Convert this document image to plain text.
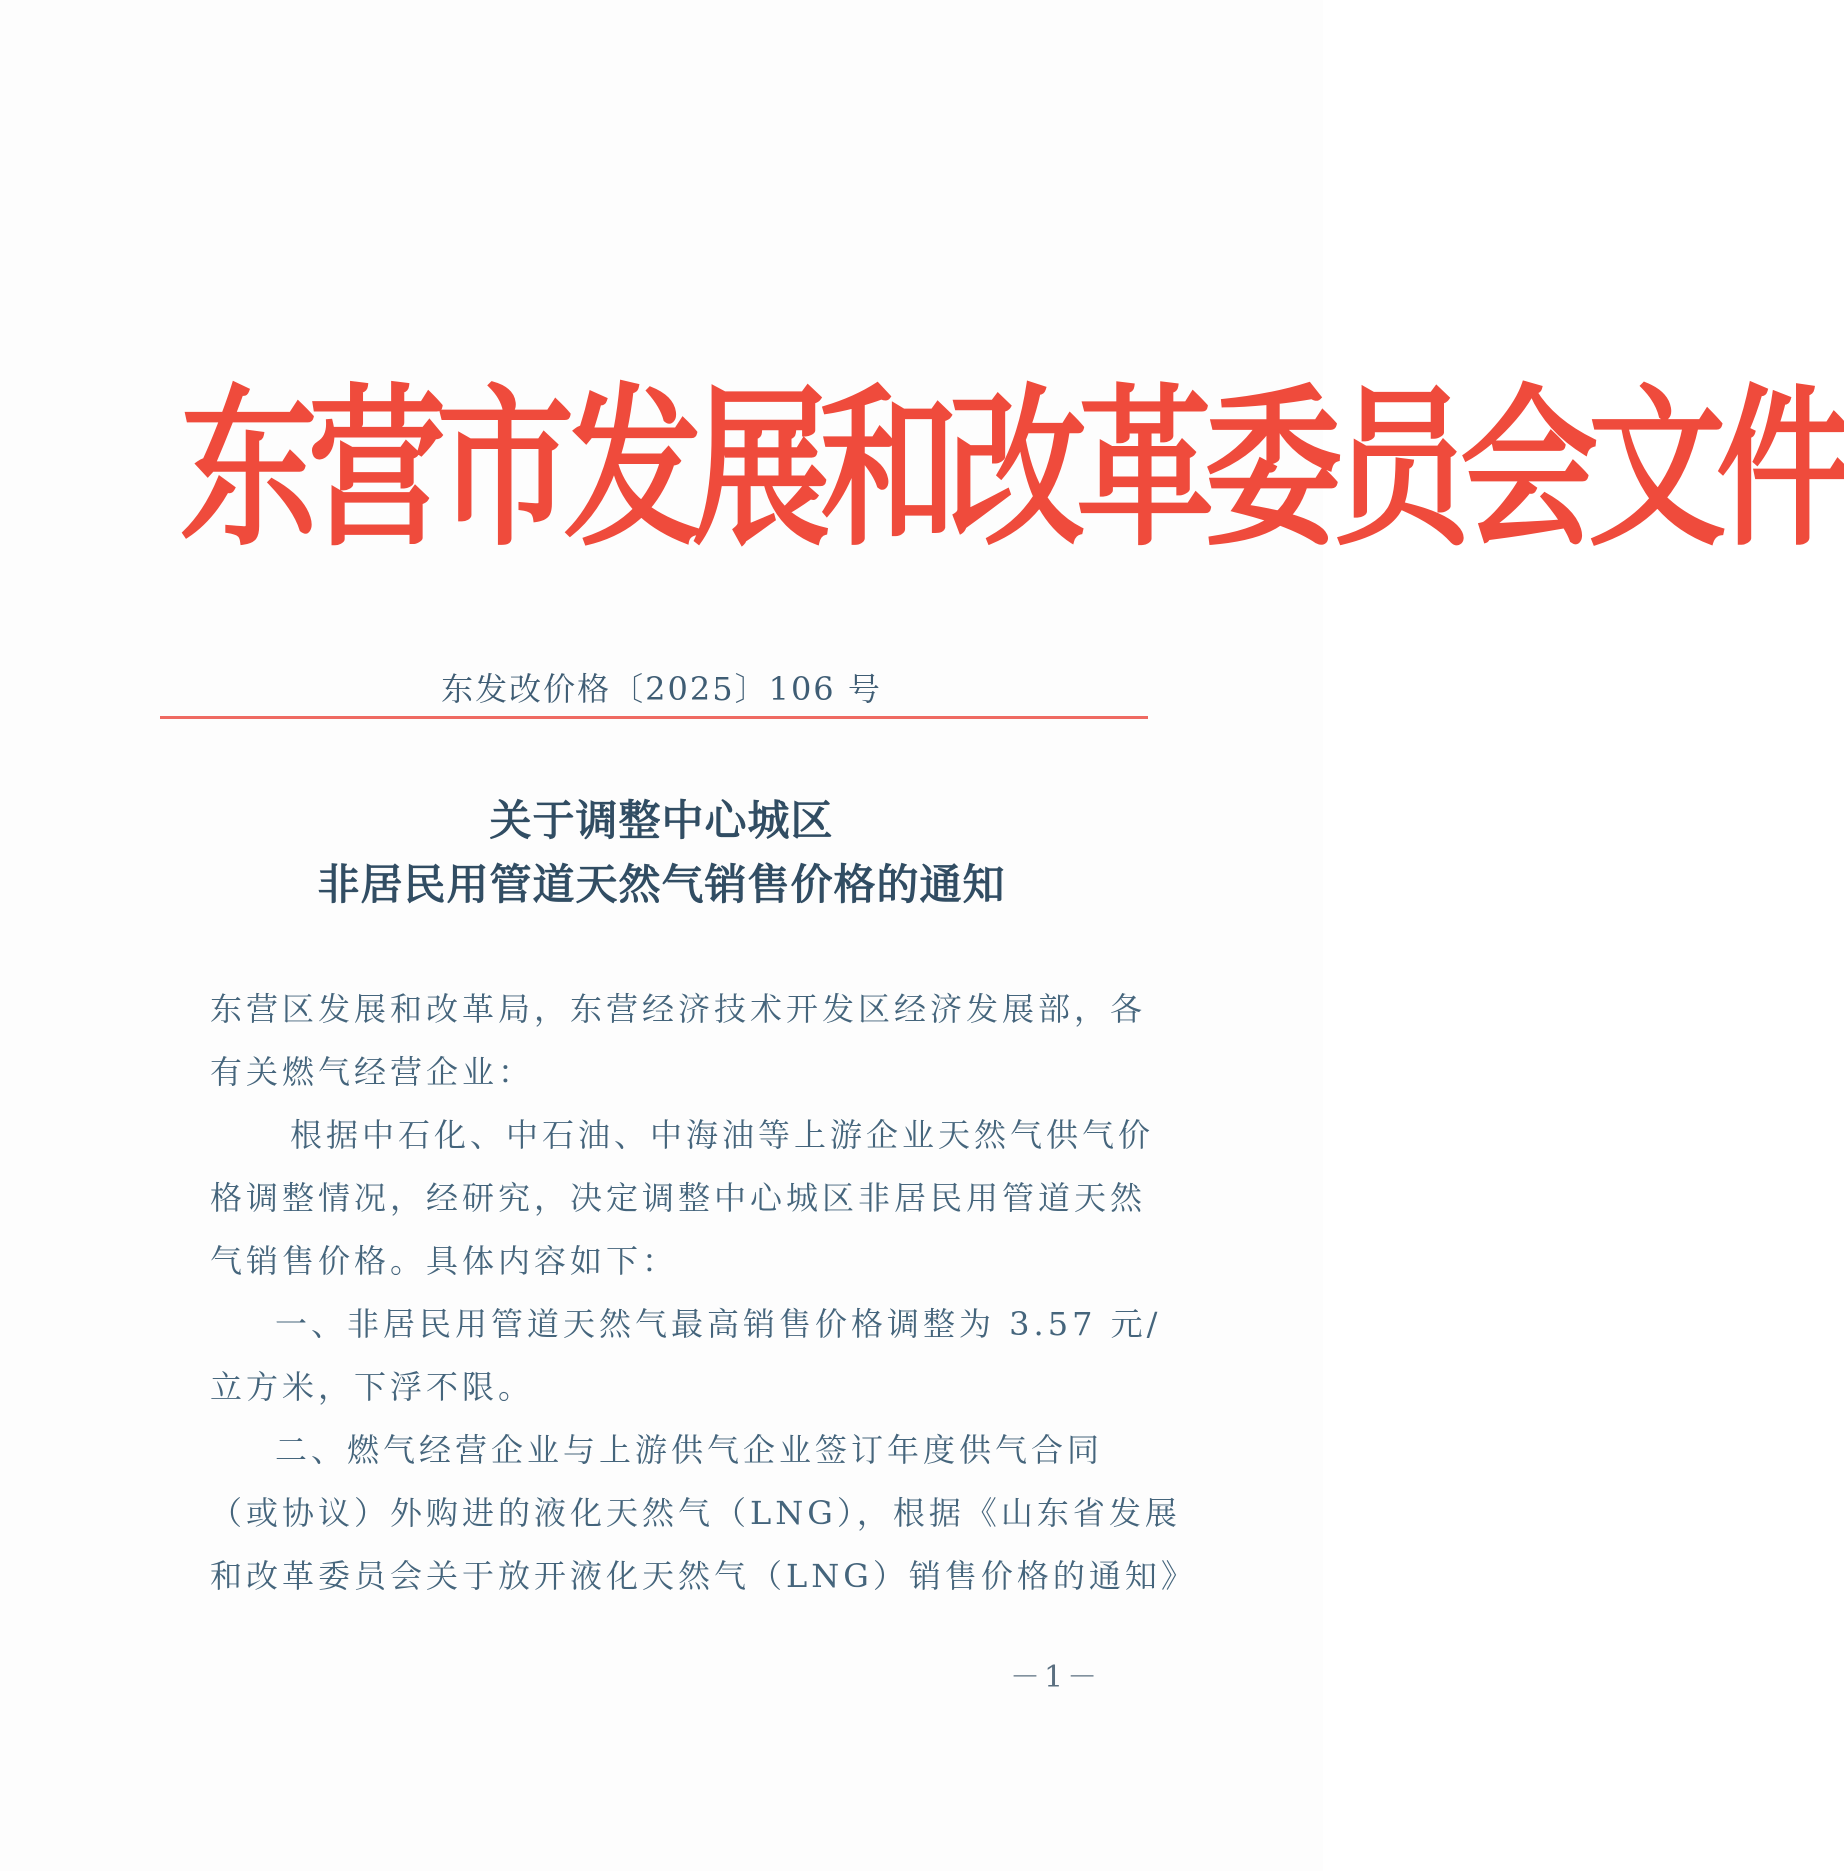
东 营 市 发 展 和 改 革 委 员 会 文 件
东发改价格〔2025〕106 号
关于调整中心城区
非居民用管道天然气销售价格的通知
东营区发展和改革局，东营经济技术开发区经济发展部，各
有关燃气经营企业：
根据中石化、中石油、中海油等上游企业天然气供气价
格调整情况，经研究，决定调整中心城区非居民用管道天然
气销售价格。具体内容如下：
一、非居民用管道天然气最高销售价格调整为 3.57 元/
立方米，下浮不限。
二、燃气经营企业与上游供气企业签订年度供气合同
（或协议）外购进的液化天然气（LNG），根据《山东省发展
和改革委员会关于放开液化天然气（LNG）销售价格的通知》
－1－
